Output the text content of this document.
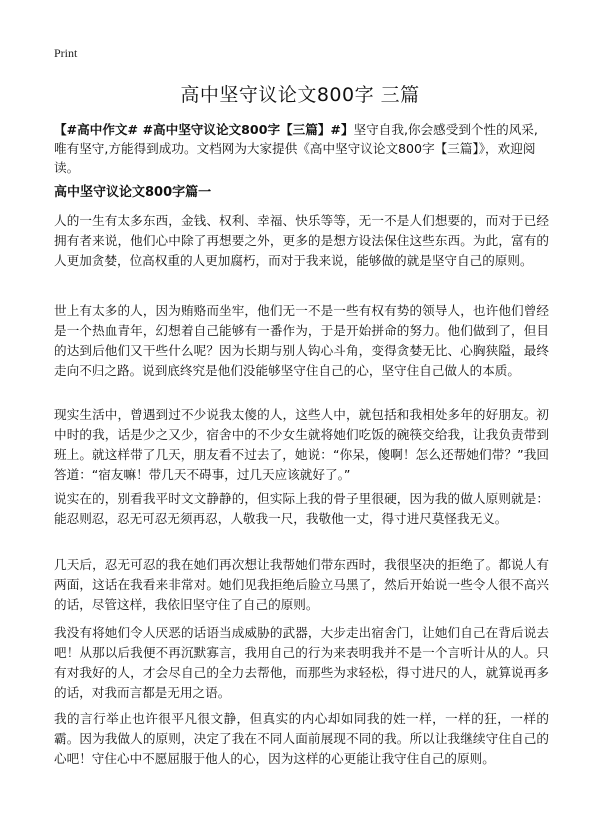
Print
高中坚守议论文800字 三篇

【#高中作文# #高中坚守议论文800字【三篇】#】坚守自我,你会感受到个性的风采,唯有坚守,方能得到成功。文档网为大家提供《高中坚守议论文800字【三篇】》，欢迎阅读。

高中坚守议论文800字篇一

人的一生有太多东西，金钱、权利、幸福、快乐等等，无一不是人们想要的，而对于已经拥有者来说，他们心中除了再想要之外，更多的是想方设法保住这些东西。为此，富有的人更加贪婪，位高权重的人更加腐朽，而对于我来说，能够做的就是坚守自己的原则。

世上有太多的人，因为贿赂而坐牢，他们无一不是一些有权有势的领导人，也许他们曾经是一个热血青年，幻想着自己能够有一番作为，于是开始拼命的努力。他们做到了，但目的达到后他们又干些什么呢？因为长期与别人钩心斗角，变得贪婪无比、心胸狭隘，最终走向不归之路。说到底终究是他们没能够坚守住自己的心，坚守住自己做人的本质。

现实生活中，曾遇到过不少说我太傻的人，这些人中，就包括和我相处多年的好朋友。初中时的我，话是少之又少，宿舍中的不少女生就将她们吃饭的碗筷交给我，让我负责带到班上。就这样带了几天，朋友看不过去了，她说：“你呆，傻啊！怎么还帮她们带？”我回答道：“宿友嘛！带几天不碍事，过几天应该就好了。”

说实在的，别看我平时文文静静的，但实际上我的骨子里很硬，因为我的做人原则就是：能忍则忍，忍无可忍无须再忍，人敬我一尺，我敬他一丈，得寸进尺莫怪我无义。

几天后，忍无可忍的我在她们再次想让我帮她们带东西时，我很坚决的拒绝了。都说人有两面，这话在我看来非常对。她们见我拒绝后脸立马黑了，然后开始说一些令人很不高兴的话，尽管这样，我依旧坚守住了自己的原则。

我没有将她们令人厌恶的话语当成威胁的武器，大步走出宿舍门，让她们自己在背后说去吧！从那以后我便不再沉默寡言，我用自己的行为来表明我并不是一个言听计从的人。只有对我好的人，才会尽自己的全力去帮他，而那些为求轻松，得寸进尺的人，就算说再多的话，对我而言都是无用之语。

我的言行举止也许很平凡很文静，但真实的内心却如同我的姓一样，一样的狂，一样的霸。因为我做人的原则，决定了我在不同人面前展现不同的我。所以让我继续守住自己的心吧！守住心中不愿屈服于他人的心，因为这样的心更能让我守住自己的原则。
